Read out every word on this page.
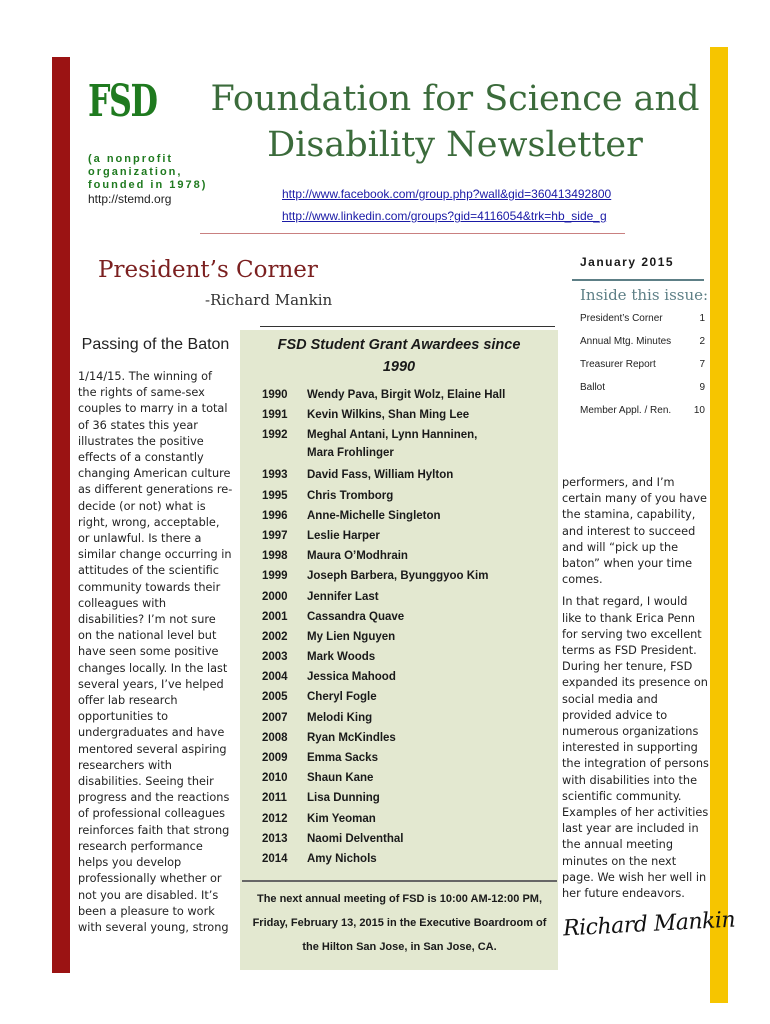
FSD
(a nonprofit organization, founded in 1978)
http://stemd.org
Foundation for Science and
Disability Newsletter
http://www.facebook.com/group.php?wall&gid=360413492800
http://www.linkedin.com/groups?gid=4116054&trk=hb_side_g
President’s Corner
-Richard Mankin
January 2015
Inside this issue:
President’s Corner	1
Annual Mtg. Minutes	2
Treasurer Report	7
Ballot	9
Member Appl. / Ren. 10
Passing of the Baton
1/14/15. The winning of the rights of same-sex couples to marry in a total of 36 states this year illustrates the positive effects of a constantly changing American culture as different generations re-decide (or not) what is right, wrong, acceptable, or unlawful. Is there a similar change occurring in attitudes of the scientific community towards their colleagues with disabilities? I’m not sure on the national level but have seen some positive changes locally. In the last several years, I’ve helped offer lab research opportunities to undergraduates and have mentored several aspiring researchers with disabilities. Seeing their progress and the reactions of professional colleagues reinforces faith that strong research performance helps you develop professionally whether or not you are disabled. It’s been a pleasure to work with several young, strong
FSD Student Grant Awardees since
1990
1990	Wendy Pava, Birgit Wolz, Elaine Hall
1991	Kevin Wilkins, Shan Ming Lee
1992	Meghal Antani, Lynn Hanninen,
Mara Frohlinger
1993	David Fass, William Hylton
1995	Chris Tromborg
1996	Anne-Michelle Singleton
1997	Leslie Harper
1998	Maura O’Modhrain
1999	Joseph Barbera, Byunggyoo Kim
2000	Jennifer Last
2001	Cassandra Quave
2002	My Lien Nguyen
2003	Mark Woods
2004	Jessica Mahood
2005	Cheryl Fogle
2007	Melodi King
2008	Ryan McKindles
2009	Emma Sacks
2010	Shaun Kane
2011	Lisa Dunning
2012	Kim Yeoman
2013	Naomi Delventhal
2014	Amy Nichols
The next annual meeting of FSD is 10:00 AM-12:00 PM,
Friday, February 13, 2015 in the Executive Boardroom of
the Hilton San Jose, in San Jose, CA.

performers, and I’m certain many of you have the stamina, capability, and interest to succeed and will “pick up the baton” when your time comes.

In that regard, I would like to thank Erica Penn for serving two excellent terms as FSD President. During her tenure, FSD expanded its presence on social media and provided advice to numerous organizations interested in supporting the integration of persons with disabilities into the scientific community. Examples of her activities last year are included in the annual meeting minutes on the next page. We wish her well in her future endeavors.

Richard Mankin
